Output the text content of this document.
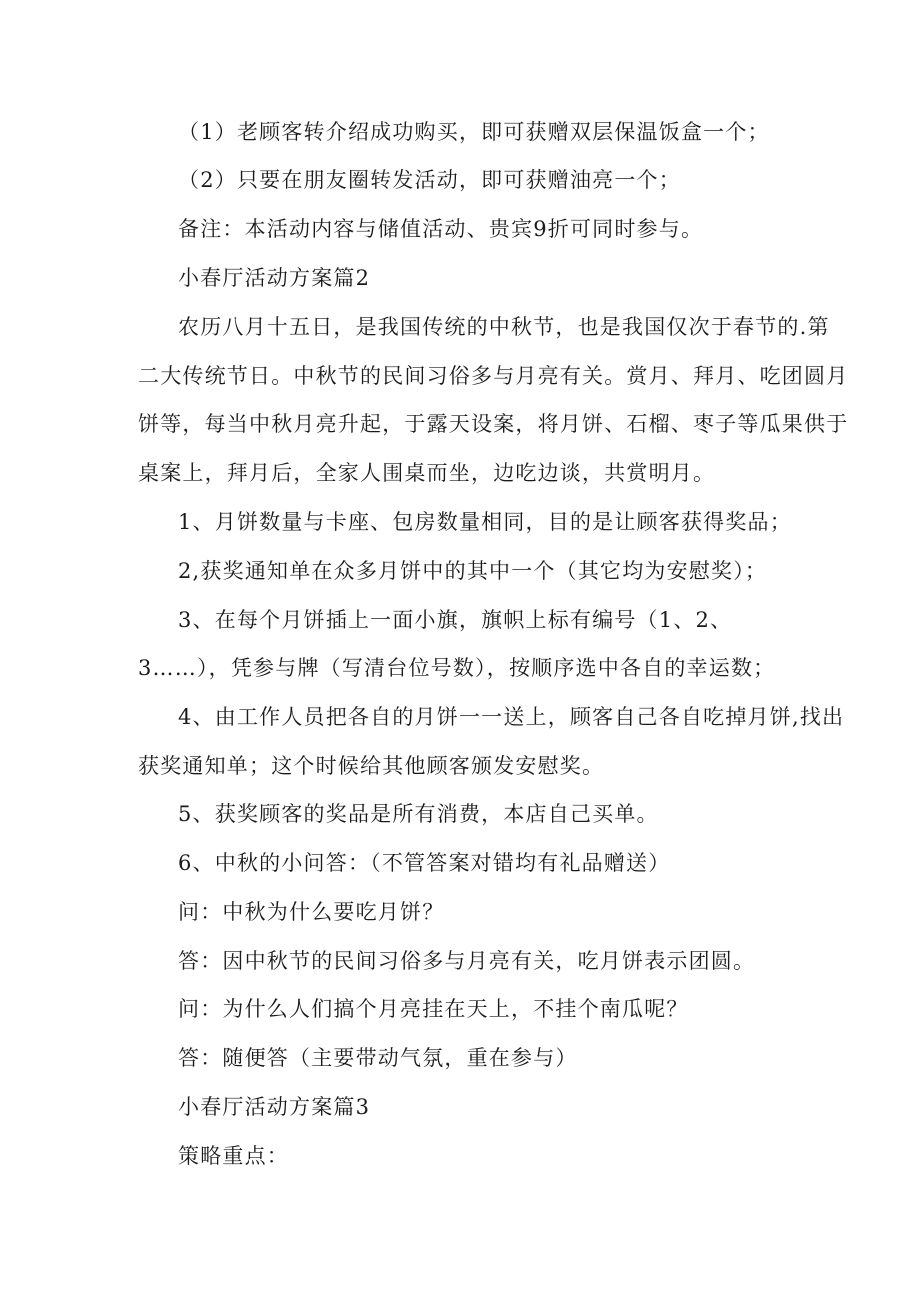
（1）老顾客转介绍成功购买，即可获赠双层保温饭盒一个；
（2）只要在朋友圈转发活动，即可获赠油亮一个；
备注：本活动内容与储值活动、贵宾9折可同时参与。
小春厅活动方案篇2
农历八月十五日，是我国传统的中秋节，也是我国仅次于春节的.第
二大传统节日。中秋节的民间习俗多与月亮有关。赏月、拜月、吃团圆月
饼等，每当中秋月亮升起，于露天设案，将月饼、石榴、枣子等瓜果供于
桌案上，拜月后，全家人围桌而坐，边吃边谈，共赏明月。
1、月饼数量与卡座、包房数量相同，目的是让顾客获得奖品；
2,获奖通知单在众多月饼中的其中一个（其它均为安慰奖）；
3、在每个月饼插上一面小旗，旗帜上标有编号（1、2、
3……），凭参与牌（写清台位号数），按顺序选中各自的幸运数；
4、由工作人员把各自的月饼一一送上，顾客自己各自吃掉月饼,找出
获奖通知单；这个时候给其他顾客颁发安慰奖。
5、获奖顾客的奖品是所有消费，本店自己买单。
6、中秋的小问答：（不管答案对错均有礼品赠送）
问：中秋为什么要吃月饼？
答：因中秋节的民间习俗多与月亮有关，吃月饼表示团圆。
问：为什么人们搞个月亮挂在天上，不挂个南瓜呢？
答：随便答（主要带动气氛，重在参与）
小春厅活动方案篇3
策略重点：
